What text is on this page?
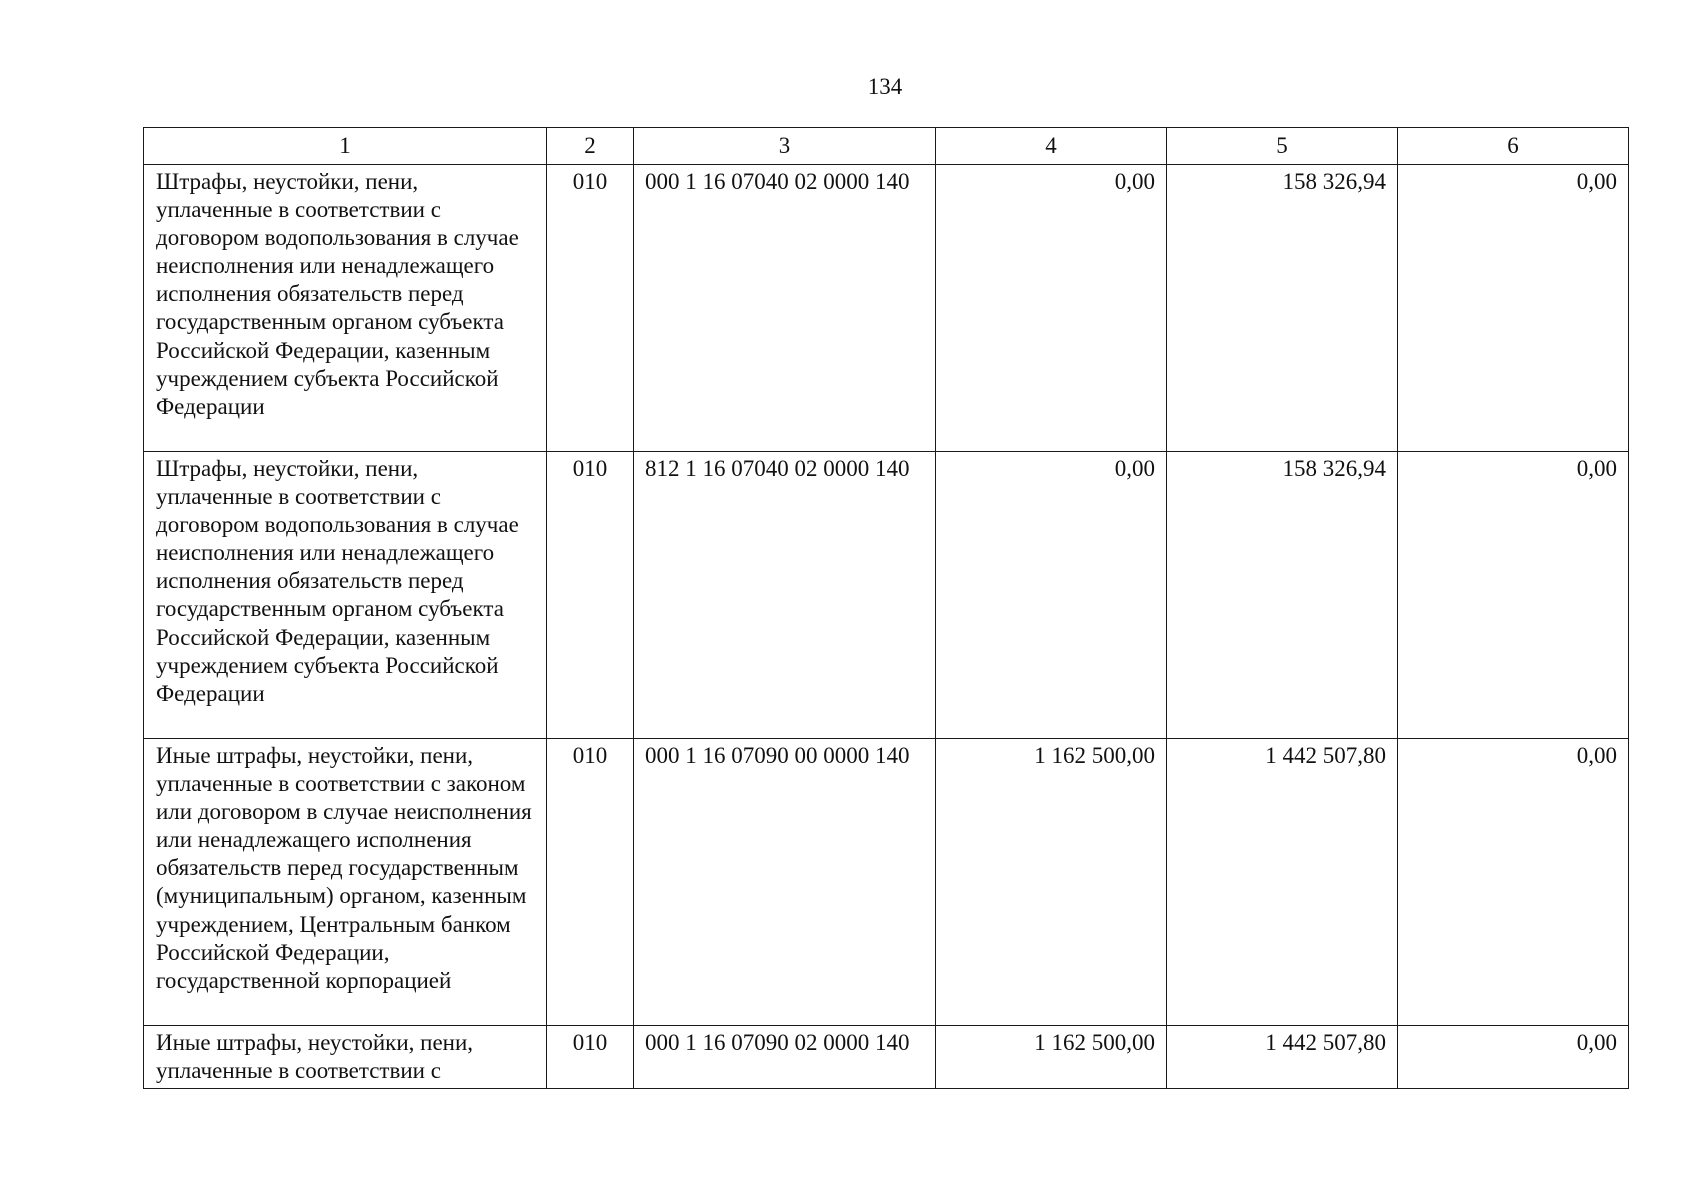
134
1	2	3	4	5	6
Штрафы, неустойки, пени, уплаченные в соответствии с договором водопользования в случае неисполнения или ненадлежащего исполнения обязательств перед государственным органом субъекта Российской Федерации, казенным учреждением субъекта Российской Федерации	010	000 1 16 07040 02 0000 140	0,00	158 326,94	0,00
Штрафы, неустойки, пени, уплаченные в соответствии с договором водопользования в случае неисполнения или ненадлежащего исполнения обязательств перед государственным органом субъекта Российской Федерации, казенным учреждением субъекта Российской Федерации	010	812 1 16 07040 02 0000 140	0,00	158 326,94	0,00
Иные штрафы, неустойки, пени, уплаченные в соответствии с законом или договором в случае неисполнения или ненадлежащего исполнения обязательств перед государственным (муниципальным) органом, казенным учреждением, Центральным банком Российской Федерации, государственной корпорацией	010	000 1 16 07090 00 0000 140	1 162 500,00	1 442 507,80	0,00
Иные штрафы, неустойки, пени, уплаченные в соответствии с	010	000 1 16 07090 02 0000 140	1 162 500,00	1 442 507,80	0,00
